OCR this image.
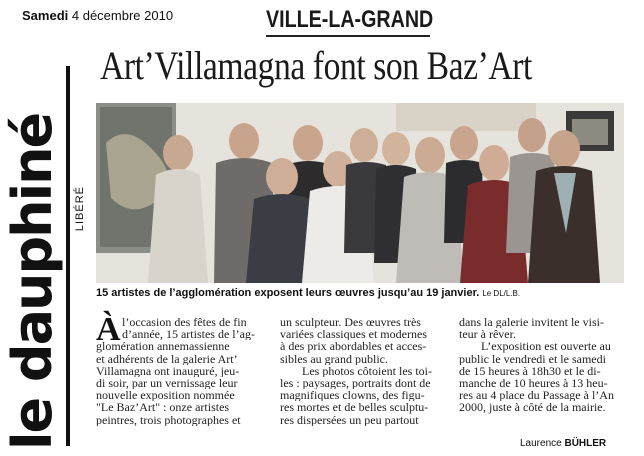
Samedi 4 décembre 2010	VILLE-LA-GRAND
Art’Villamagna font son Baz’Art
le dauphiné LIBÉRÉ
15 artistes de l’agglomération exposent leurs œuvres jusqu’au 19 janvier. Le DL/L.B.
À l’occasion des fêtes de fin
d’année, 15 artistes de l’ag-
glomération annemassienne
et adhérents de la galerie Art’
Villamagna ont inauguré, jeu-
di soir, par un vernissage leur
nouvelle exposition nommée
"Le Baz’Art" : onze artistes
peintres, trois photographes et
un sculpteur. Des œuvres très
variées classiques et modernes
à des prix abordables et acces-
sibles au grand public.
Les photos côtoient les toi-
les : paysages, portraits dont de
magnifiques clowns, des figu-
res mortes et de belles sculptu-
res dispersées un peu partout
dans la galerie invitent le visi-
teur à rêver.
L’exposition est ouverte au
public le vendredi et le samedi
de 15 heures à 18h30 et le di-
manche de 10 heures à 13 heu-
res au 4 place du Passage à l’An
2000, juste à côté de la mairie.
Laurence BÜHLER
